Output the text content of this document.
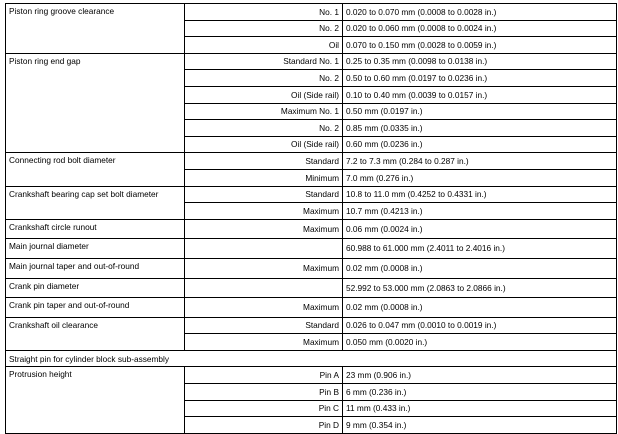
Piston ring groove clearance	No. 1	0.020 to 0.070 mm (0.0008 to 0.0028 in.)
	No. 2	0.020 to 0.060 mm (0.0008 to 0.0024 in.)
	Oil	0.070 to 0.150 mm (0.0028 to 0.0059 in.)
Piston ring end gap	Standard No. 1	0.25 to 0.35 mm (0.0098 to 0.0138 in.)
	No. 2	0.50 to 0.60 mm (0.0197 to 0.0236 in.)
	Oil (Side rail)	0.10 to 0.40 mm (0.0039 to 0.0157 in.)
	Maximum No. 1	0.50 mm (0.0197 in.)
	No. 2	0.85 mm (0.0335 in.)
	Oil (Side rail)	0.60 mm (0.0236 in.)
Connecting rod bolt diameter	Standard	7.2 to 7.3 mm (0.284 to 0.287 in.)
	Minimum	7.0 mm (0.276 in.)
Crankshaft bearing cap set bolt diameter	Standard	10.8 to 11.0 mm (0.4252 to 0.4331 in.)
	Maximum	10.7 mm (0.4213 in.)
Crankshaft circle runout	Maximum	0.06 mm (0.0024 in.)
Main journal diameter		60.988 to 61.000 mm (2.4011 to 2.4016 in.)
Main journal taper and out-of-round	Maximum	0.02 mm (0.0008 in.)
Crank pin diameter		52.992 to 53.000 mm (2.0863 to 2.0866 in.)
Crank pin taper and out-of-round	Maximum	0.02 mm (0.0008 in.)
Crankshaft oil clearance	Standard	0.026 to 0.047 mm (0.0010 to 0.0019 in.)
	Maximum	0.050 mm (0.0020 in.)
Straight pin for cylinder block sub-assembly		
Protrusion height	Pin A	23 mm (0.906 in.)
	Pin B	6 mm (0.236 in.)
	Pin C	11 mm (0.433 in.)
	Pin D	9 mm (0.354 in.)
